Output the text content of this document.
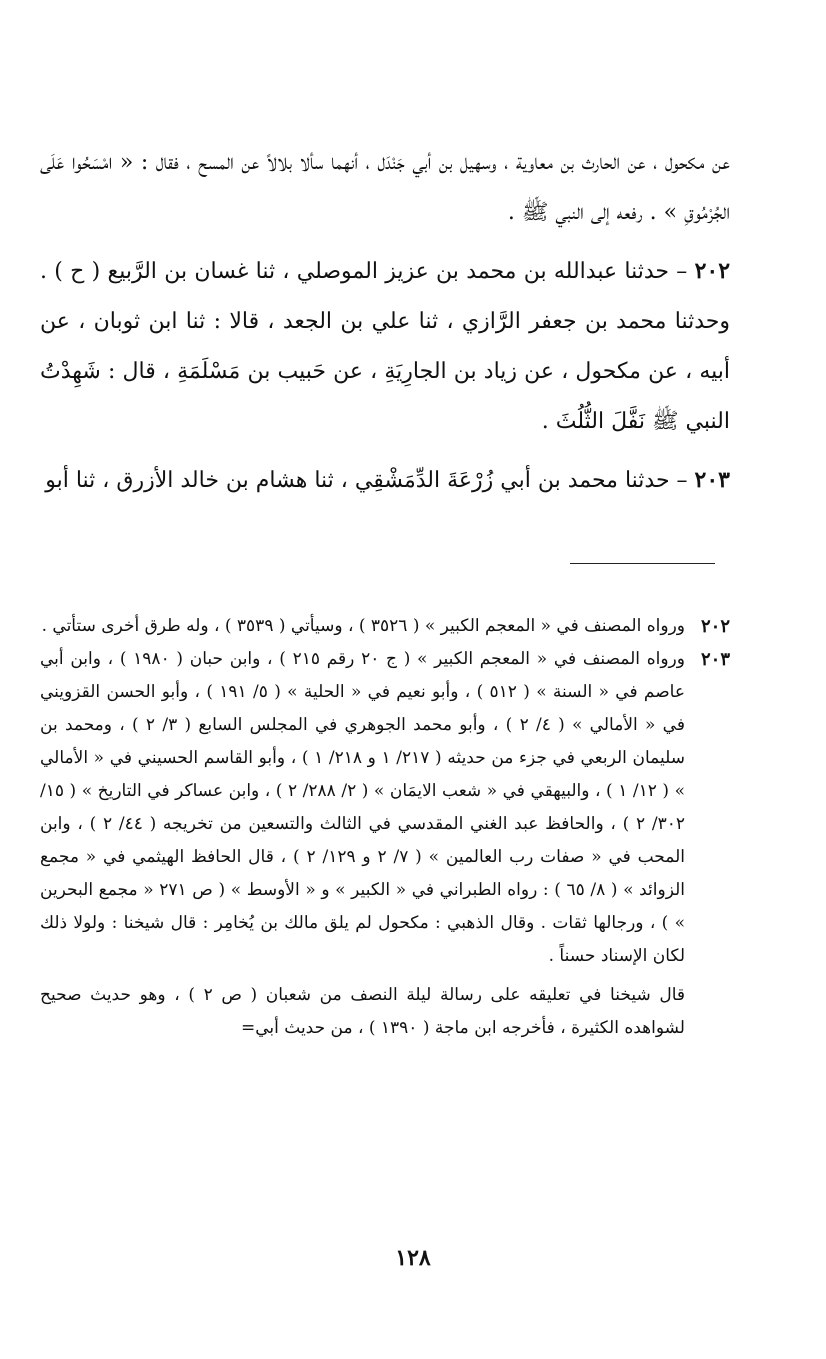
عن مكحول ، عن الحارث بن معاوية ، وسهيل بن أبي جَنْدَل ، أنهما سألا بلالاً عن المسح ، فقال : « امْسَحُوا عَلَى الجُرْمُوقِ » . رفعه إلى النبي ﷺ .

٢٠٢ – حدثنا عبدالله بن محمد بن عزيز الموصلي ، ثنا غسان بن الرَّبيع ( ح ) . وحدثنا محمد بن جعفر الرَّازي ، ثنا علي بن الجعد ، قالا : ثنا ابن ثوبان ، عن أبيه ، عن مكحول ، عن زياد بن الجارِيَةِ ، عن حَبيب بن مَسْلَمَةِ ، قال : شَهِدْتُ النبي ﷺ نَفَّلَ الثُّلُثَ .

٢٠٣ – حدثنا محمد بن أبي زُرْعَةَ الدِّمَشْقِي ، ثنا هشام بن خالد الأزرق ، ثنا أبو

٢٠٢
ورواه المصنف في « المعجم الكبير » ( ٣٥٢٦ ) ، وسيأتي ( ٣٥٣٩ ) ، وله طرق أخرى ستأتي .
٢٠٣
ورواه المصنف في « المعجم الكبير » ( ج ٢٠ رقم ٢١٥ ) ، وابن حبان ( ١٩٨٠ ) ، وابن أبي عاصم في « السنة » ( ٥١٢ ) ، وأبو نعيم في « الحلية » ( ٥/ ١٩١ ) ، وأبو الحسن القزويني في « الأمالي » ( ٤/ ٢ ) ، وأبو محمد الجوهري في المجلس السابع ( ٣/ ٢ ) ، ومحمد بن سليمان الربعي في جزء من حديثه ( ٢١٧/ ١ و ٢١٨/ ١ ) ، وأبو القاسم الحسيني في « الأمالي » ( ١٢/ ١ ) ، والبيهقي في « شعب الايمَان » ( ٢/ ٢٨٨/ ٢ ) ، وابن عساكر في التاريخ » ( ١٥/ ٣٠٢/ ٢ ) ، والحافظ عبد الغني المقدسي في الثالث والتسعين من تخريجه ( ٤٤/ ٢ ) ، وابن المحب في « صفات رب العالمين » ( ٧/ ٢ و ١٢٩/ ٢ ) ، قال الحافظ الهيثمي في « مجمع الزوائد » ( ٨/ ٦٥ ) : رواه الطبراني في « الكبير » و « الأوسط » ( ص ٢٧١ « مجمع البحرين » ) ، ورجالها ثقات . وقال الذهبي : مكحول لم يلق مالك بن يُخامِر : قال شيخنا : ولولا ذلك لكان الإسناد حسناً .

قال شيخنا في تعليقه على رسالة ليلة النصف من شعبان ( ص ٢ ) ، وهو حديث صحيح لشواهده الكثيرة ، فأخرجه ابن ماجة ( ١٣٩٠ ) ، من حديث أبي=

١٢٨
